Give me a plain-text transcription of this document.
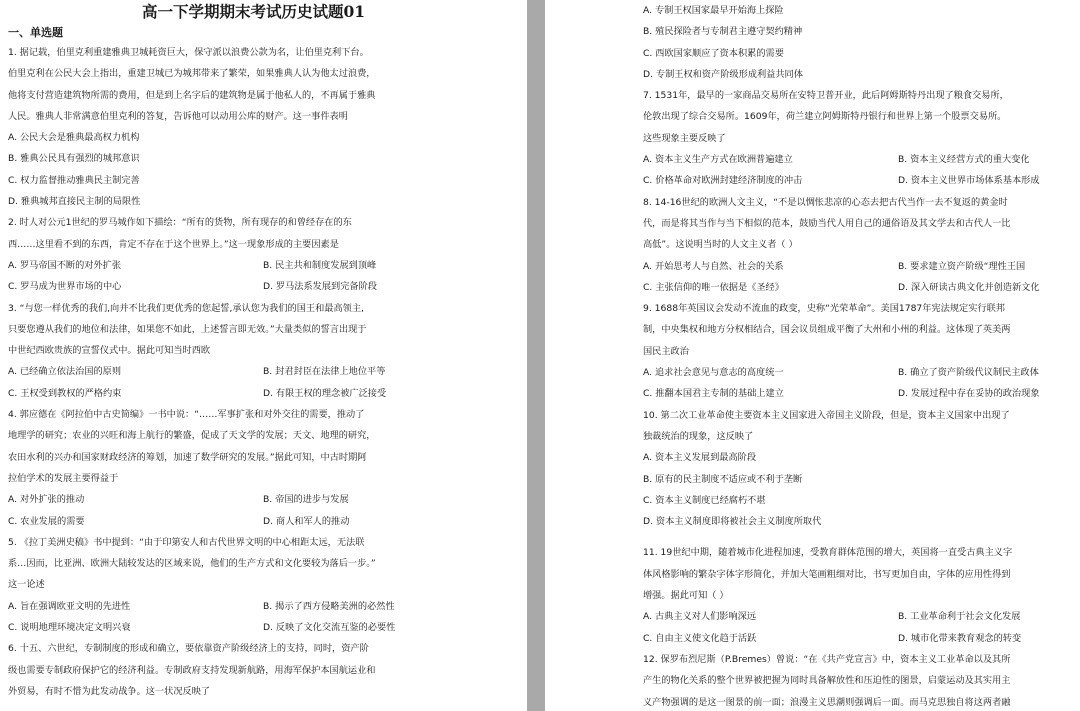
高一下学期期末考试历史试题01
一、单选题
1. 据记载，伯里克利重建雅典卫城耗资巨大，保守派以浪费公款为名，让伯里克利下台。
伯里克利在公民大会上指出，重建卫城已为城邦带来了繁荣，如果雅典人认为他太过浪费，
他将支付营造建筑物所需的费用，但是到上名字后的建筑物是属于他私人的，不再属于雅典
人民。雅典人非常满意伯里克利的答复，告诉他可以动用公库的财产。这一事件表明
A. 公民大会是雅典最高权力机构
B. 雅典公民具有强烈的城邦意识
C. 权力监督推动雅典民主制完善
D. 雅典城邦直接民主制的局限性
2. 时人对公元1世纪的罗马城作如下描绘：“所有的货物，所有现存的和曾经存在的东
西……这里看不到的东西，肯定不存在于这个世界上。”这一现象形成的主要因素是
A. 罗马帝国不断的对外扩张	B. 民主共和制度发展到顶峰
C. 罗马成为世界市场的中心	D. 罗马法系发展到完备阶段
3. “与您一样优秀的我们,向并不比我们更优秀的您起誓,承认您为我们的国王和最高领主,
只要您遵从我们的地位和法律，如果您不如此，上述誓言即无效。”大量类似的誓言出现于
中世纪西欧贵族的宣誓仪式中。据此可知当时西欧
A. 已经确立依法治国的原则	B. 封君封臣在法律上地位平等
C. 王权受到教权的严格约束	D. 有限王权的理念被广泛接受
4. 郭应德在《阿拉伯中古史简编》一书中说：“……军事扩张和对外交往的需要，推动了
地理学的研究；农业的兴旺和海上航行的繁盛，促成了天文学的发展；天文、地理的研究，
农田水利的兴办和国家财政经济的筹划，加速了数学研究的发展。”据此可知，中古时期阿
拉伯学术的发展主要得益于
A. 对外扩张的推动	B. 帝国的进步与发展
C. 农业发展的需要	D. 商人和军人的推动
5. 《拉丁美洲史稿》书中提到：“由于印第安人和古代世界文明的中心相距太远，无法联
系…因而，比亚洲、欧洲大陆较发达的区域来说，他们的生产方式和文化要较为落后一步。”
这一论述
A. 旨在强调欧亚文明的先进性	B. 揭示了西方侵略美洲的必然性
C. 说明地理环境决定文明兴衰	D. 反映了文化交流互鉴的必要性
6. 十五、六世纪，专制制度的形成和确立，要依靠资产阶级经济上的支持，同时，资产阶
级也需要专制政府保护它的经济利益。专制政府支持发现新航路，用海军保护本国航运业和
外贸易，有时不惜为此发动战争。这一状况反映了
A. 专制王权国家最早开始海上探险
B. 殖民探险者与专制君主遵守契约精神
C. 西欧国家顺应了资本积累的需要
D. 专制王权和资产阶级形成利益共同体
7. 1531年，最早的一家商品交易所在安特卫普开业，此后阿姆斯特丹出现了粮食交易所，
伦敦出现了综合交易所。1609年，荷兰建立阿姆斯特丹银行和世界上第一个股票交易所。
这些现象主要反映了
A. 资本主义生产方式在欧洲普遍建立	B. 资本主义经营方式的重大变化
C. 价格革命对欧洲封建经济制度的冲击	D. 资本主义世界市场体系基本形成
8. 14-16世纪的欧洲人文主义，“不是以惆怅悲凉的心态去把古代当作一去不复返的黄金时
代，而是将其当作与当下相似的范本，鼓励当代人用自己的通俗语及其文学去和古代人一比
高低”。这说明当时的人文主义者（ ）
A. 开始思考人与自然、社会的关系	B. 要求建立资产阶级“理性王国
C. 主张信仰的唯一依据是《圣经》	D. 深入研读古典文化并创造新文化
9. 1688年英国议会发动不流血的政变，史称“光荣革命”。美国1787年宪法规定实行联邦
制，中央集权和地方分权相结合，国会议员组成平衡了大州和小州的利益。这体现了英美两
国民主政治
A. 追求社会意见与意志的高度统一	B. 确立了资产阶级代议制民主政体
C. 推翻本国君主专制的基础上建立	D. 发展过程中存在妥协的政治现象
10. 第二次工业革命使主要资本主义国家进入帝国主义阶段，但是，资本主义国家中出现了
独裁统治的现象，这反映了
A. 资本主义发展到最高阶段
B. 原有的民主制度不适应或不利于垄断
C. 资本主义制度已经腐朽不堪
D. 资本主义制度即将被社会主义制度所取代
11. 19世纪中期，随着城市化进程加速，受教育群体范围的增大，英国将一直受古典主义字
体风格影响的繁杂字体字形简化，并加大笔画粗细对比，书写更加自由，字体的应用性得到
增强。据此可知（ ）
A. 古典主义对人们影响深远	B. 工业革命利于社会文化发展
C. 自由主义使文化趋于活跃	D. 城市化带来教育观念的转变
12. 保罗布烈尼斯（P.Bremes）曾说：“在《共产党宣言》中，资本主义工业革命以及其所
产生的物化关系的整个世界被把握为同时具备解放性和压迫性的图景，启蒙运动及其实用主
义产物强调的是这一图景的前一面；浪漫主义思潮则强调后一面。而马克思独自将这两者融
